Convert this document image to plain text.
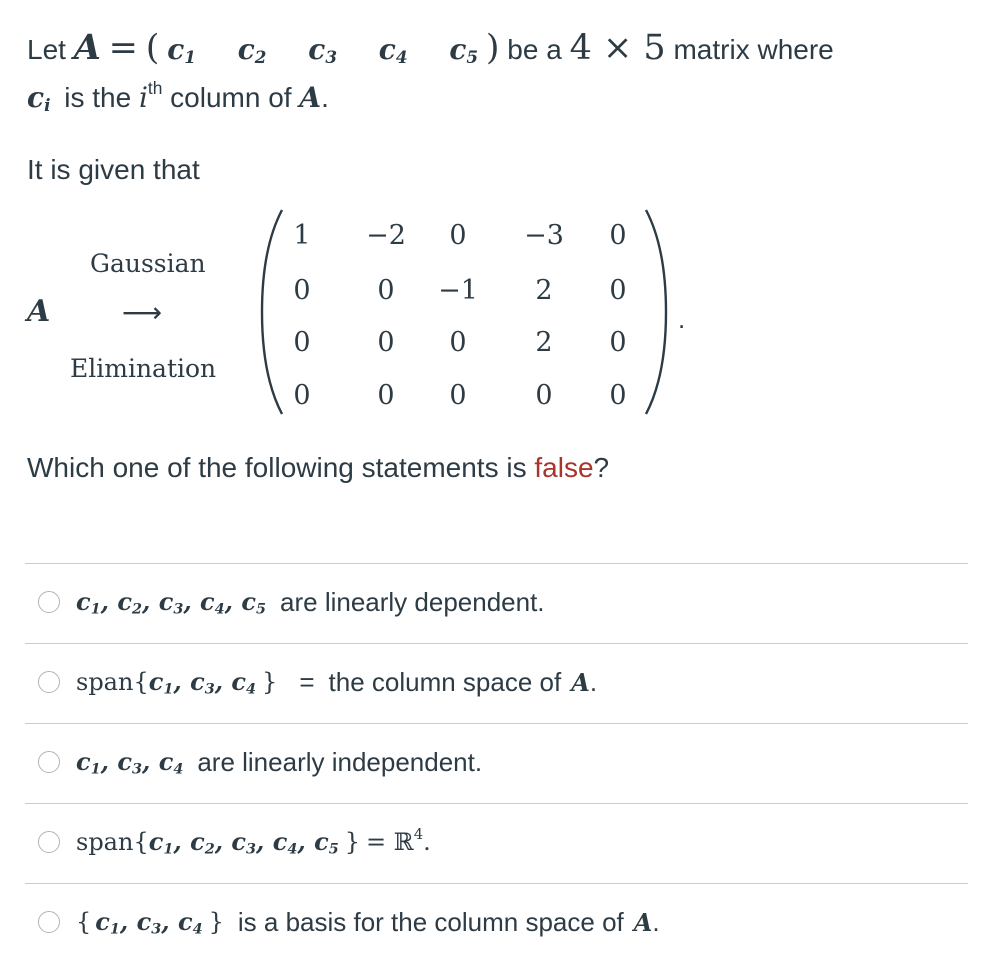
Let A = ( $c_1$ $c_2$ $c_3$ $c_4$ $c_5$ ) be a 4 × 5 matrix where
$c_i$ is the $i^{th}$ column of A.
It is given that
A
Gaussian
⟶
Elimination
1	−2	0	−3	0
0	0	−1	2	0
0	0	0	2	0
0	0	0	0	0
.
Which one of the following statements is false?
$c_1$, $c_2$, $c_3$, $c_4$, $c_5$ are linearly dependent.
span{ $c_1$, $c_3$, $c_4$ } = the column space of A .
$c_1$, $c_3$, $c_4$ are linearly independent.
span{ $c_1$, $c_2$, $c_3$, $c_4$, $c_5$ } = ℝ$^4$.
{ $c_1$, $c_3$, $c_4$ } is a basis for the column space of A .
